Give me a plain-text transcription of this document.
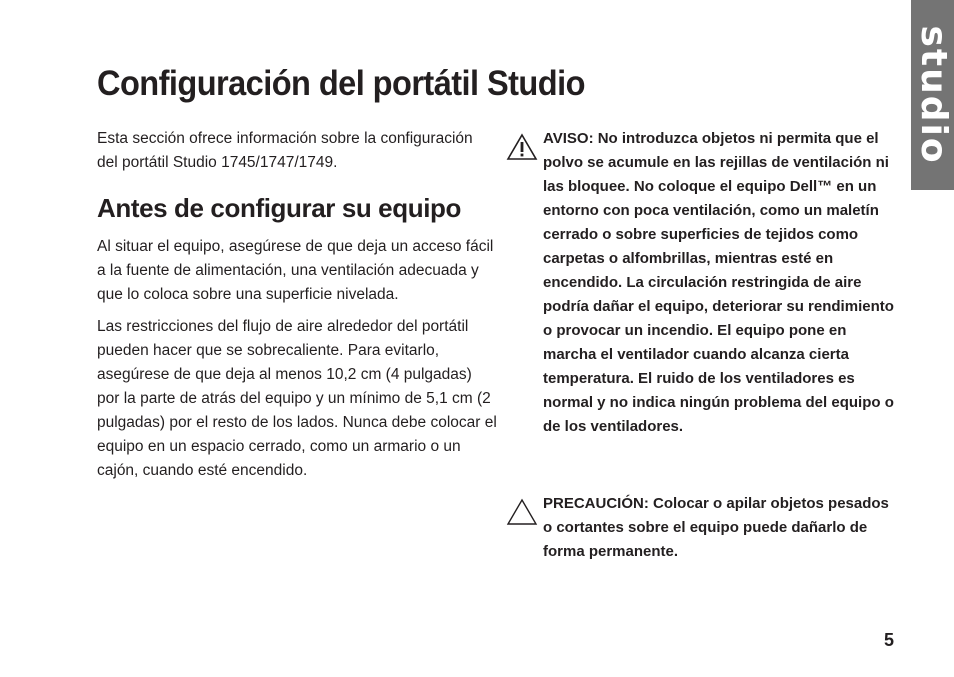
studio
Configuración del portátil Studio

Esta sección ofrece información sobre la configuración del portátil Studio 1745/1747/1749.

Antes de configurar su equipo

Al situar el equipo, asegúrese de que deja un acceso fácil a la fuente de alimentación, una ventilación adecuada y que lo coloca sobre una superficie nivelada.

Las restricciones del flujo de aire alrededor del portátil pueden hacer que se sobrecaliente. Para evitarlo, asegúrese de que deja al menos 10,2 cm (4 pulgadas) por la parte de atrás del equipo y un mínimo de 5,1 cm (2 pulgadas) por el resto de los lados. Nunca debe colocar el equipo en un espacio cerrado, como un armario o un cajón, cuando esté encendido.

AVISO: No introduzca objetos ni permita que el polvo se acumule en las rejillas de ventilación ni las bloquee. No coloque el equipo Dell™ en un entorno con poca ventilación, como un maletín cerrado o sobre superficies de tejidos como carpetas o alfombrillas, mientras esté en encendido. La circulación restringida de aire podría dañar el equipo, deteriorar su rendimiento o provocar un incendio. El equipo pone en marcha el ventilador cuando alcanza cierta temperatura. El ruido de los ventiladores es normal y no indica ningún problema del equipo o de los ventiladores.

PRECAUCIÓN: Colocar o apilar objetos pesados o cortantes sobre el equipo puede dañarlo de forma permanente.

5
